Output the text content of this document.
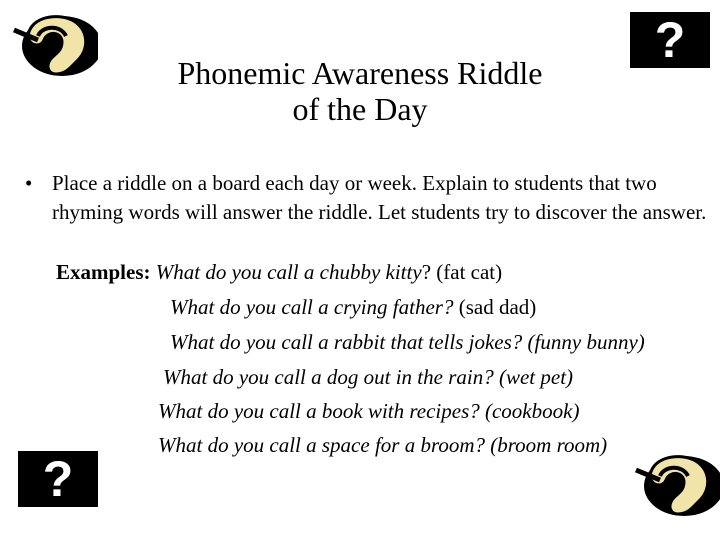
?
Phonemic Awareness Riddle
of the Day
• Place a riddle on a board each day or week. Explain to students that two rhyming words will answer the riddle. Let students try to discover the answer.
Examples: What do you call a chubby kitty? (fat cat)
What do you call a crying father? (sad dad)
What do you call a rabbit that tells jokes? (funny bunny)
What do you call a dog out in the rain? (wet pet)
What do you call a book with recipes? (cookbook)
What do you call a space for a broom? (broom room)
?
